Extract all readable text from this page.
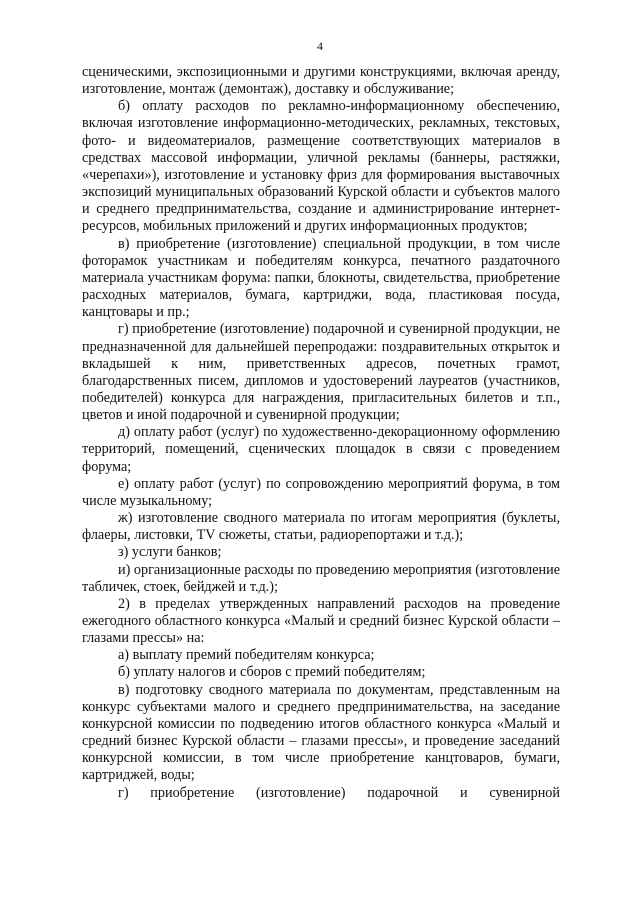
4

сценическими, экспозиционными и другими конструкциями, включая аренду, изготовление, монтаж (демонтаж), доставку и обслуживание;

б) оплату расходов по рекламно-информационному обеспечению, включая изготовление информационно-методических, рекламных, текстовых, фото- и видеоматериалов, размещение соответствующих материалов в средствах массовой информации, уличной рекламы (баннеры, растяжки, «черепахи»), изготовление и установку фриз для формирования выставочных экспозиций муниципальных образований Курской области и субъектов малого и среднего предпринимательства, создание и администрирование интернет-ресурсов, мобильных приложений и других информационных продуктов;

в) приобретение (изготовление) специальной продукции, в том числе фоторамок участникам и победителям конкурса, печатного раздаточного материала участникам форума: папки, блокноты, свидетельства, приобретение расходных материалов, бумага, картриджи, вода, пластиковая посуда, канцтовары и пр.;

г) приобретение (изготовление) подарочной и сувенирной продукции, не предназначенной для дальнейшей перепродажи: поздравительных открыток и вкладышей к ним, приветственных адресов, почетных грамот, благодарственных писем, дипломов и удостоверений лауреатов (участников, победителей) конкурса для награждения, пригласительных билетов и т.п., цветов и иной подарочной и сувенирной продукции;

д) оплату работ (услуг) по художественно-декорационному оформлению территорий, помещений, сценических площадок в связи с проведением форума;

е) оплату работ (услуг) по сопровождению мероприятий форума, в том числе музыкальному;

ж) изготовление сводного материала по итогам мероприятия (буклеты, флаеры, листовки, TV сюжеты, статьи, радиорепортажи и т.д.);

з) услуги банков;

и) организационные расходы по проведению мероприятия (изготовление табличек, стоек, бейджей и т.д.);

2) в пределах утвержденных направлений расходов на проведение ежегодного областного конкурса «Малый и средний бизнес Курской области – глазами прессы» на:

а) выплату премий победителям конкурса;

б) уплату налогов и сборов с премий победителям;

в) подготовку сводного материала по документам, представленным на конкурс субъектами малого и среднего предпринимательства, на заседание конкурсной комиссии по подведению итогов областного конкурса «Малый и средний бизнес Курской области – глазами прессы», и проведение заседаний конкурсной комиссии, в том числе приобретение канцтоваров, бумаги, картриджей, воды;

г) приобретение (изготовление) подарочной и сувенирной
